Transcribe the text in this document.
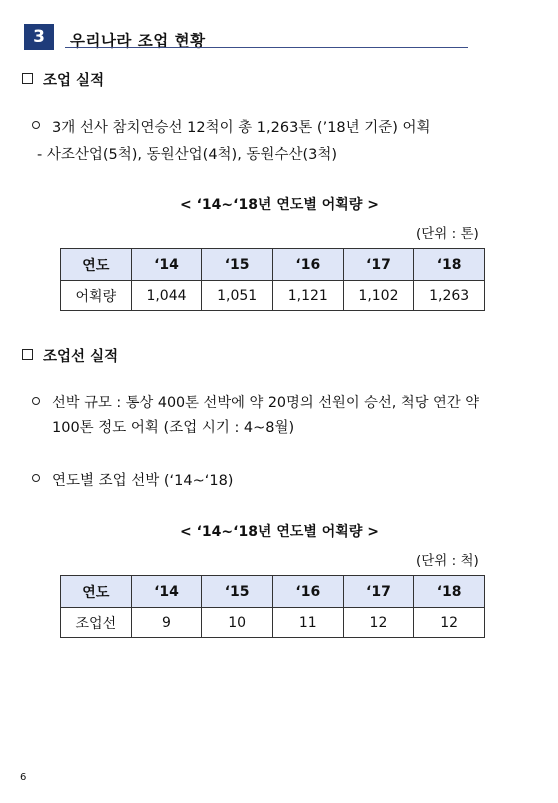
3 우리나라 조업 현황
조업 실적
3개 선사 참치연승선 12척이 총 1,263톤 (’18년 기준) 어획
- 사조산업(5척), 동원산업(4척), 동원수산(3척)
< ‘14~‘18년 연도별 어획량 >
(단위 : 톤)
연도	‘14	‘15	‘16	‘17	‘18
어획량	1,044	1,051	1,121	1,102	1,263
조업선 실적
선박 규모 : 통상 400톤 선박에 약 20명의 선원이 승선, 척당 연간 약
100톤 정도 어획 (조업 시기 : 4~8월)
연도별 조업 선박 (‘14~‘18)
< ‘14~‘18년 연도별 어획량 >
(단위 : 척)
연도	‘14	‘15	‘16	‘17	‘18
조업선	9	10	11	12	12
6
